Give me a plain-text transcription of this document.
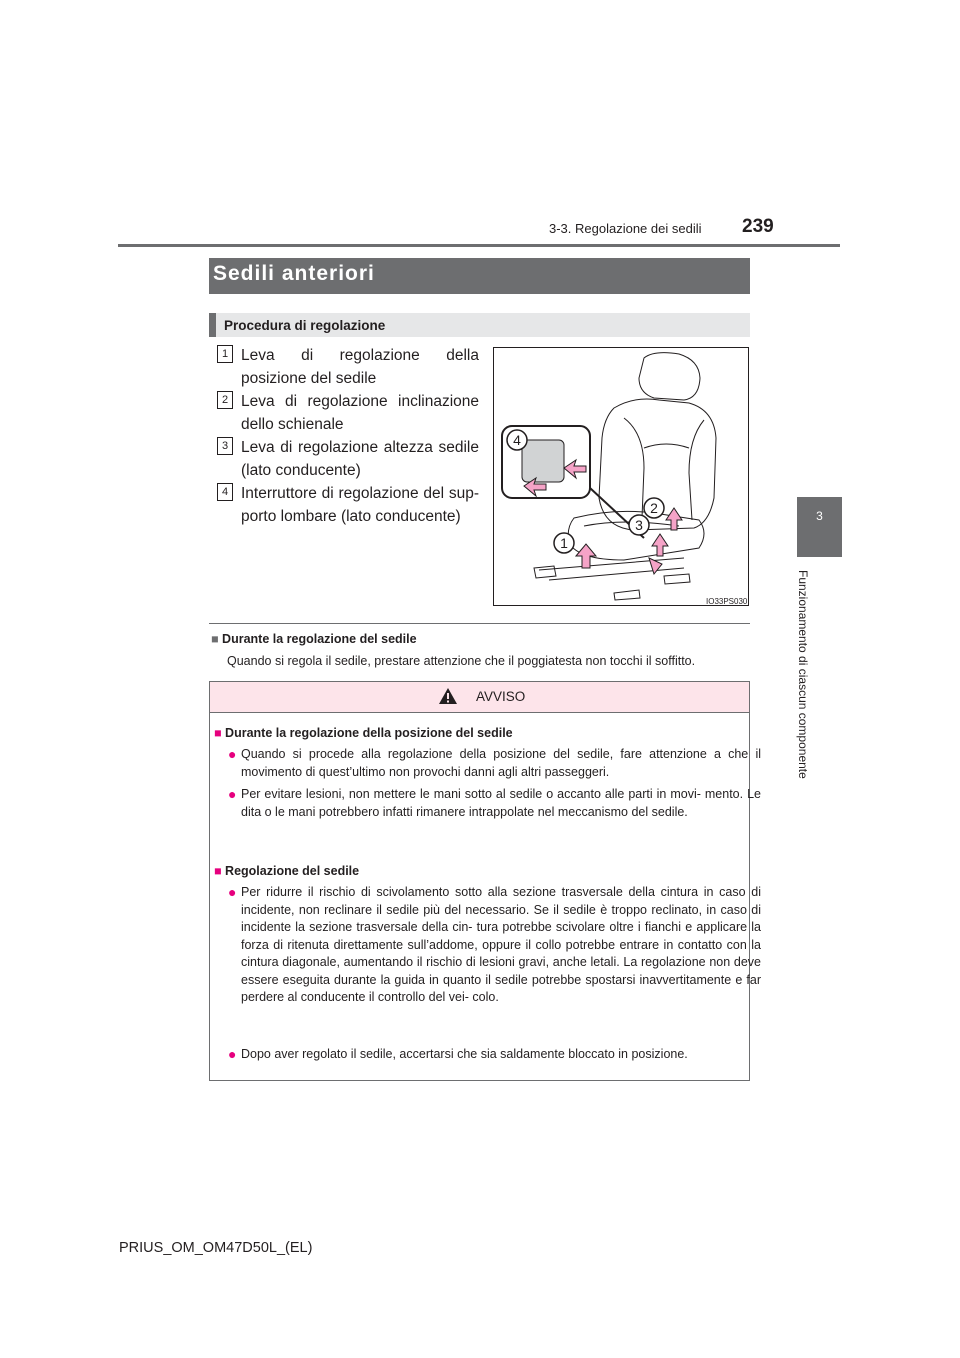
3-3. Regolazione dei sedili 239
3
Funzionamento di ciascun componente
Sedili anteriori
Procedura di regolazione
1 Leva di regolazione della posizione del sedile
2 Leva di regolazione inclinazione dello schienale
3 Leva di regolazione altezza sedile (lato conducente)
4 Interruttore di regolazione del supporto lombare (lato conducente)
4
2
3
1
IO33PS030
■ Durante la regolazione del sedile
Quando si regola il sedile, prestare attenzione che il poggiatesta non tocchi il soffitto.
AVVISO
■ Durante la regolazione della posizione del sedile
● Quando si procede alla regolazione della posizione del sedile, fare attenzione a che il movimento di quest’ultimo non provochi danni agli altri passeggeri.
● Per evitare lesioni, non mettere le mani sotto al sedile o accanto alle parti in movi- mento. Le dita o le mani potrebbero infatti rimanere intrappolate nel meccanismo del sedile.
■ Regolazione del sedile
● Per ridurre il rischio di scivolamento sotto alla sezione trasversale della cintura in caso di incidente, non reclinare il sedile più del necessario. Se il sedile è troppo reclinato, in caso di incidente la sezione trasversale della cin- tura potrebbe scivolare oltre i fianchi e applicare la forza di ritenuta direttamente sull’addome, oppure il collo potrebbe entrare in contatto con la cintura diagonale, aumentando il rischio di lesioni gravi, anche letali. La regolazione non deve essere eseguita durante la guida in quanto il sedile potrebbe spostarsi inavvertitamente e far perdere al conducente il controllo del vei- colo.
● Dopo aver regolato il sedile, accertarsi che sia saldamente bloccato in posizione.
PRIUS_OM_OM47D50L_(EL)
